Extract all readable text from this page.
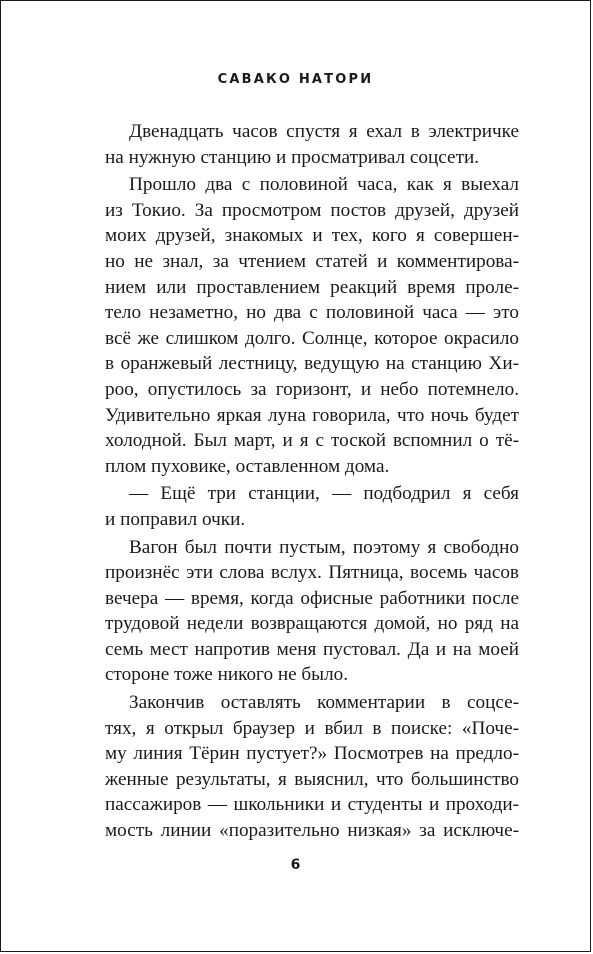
САВАКО НАТОРИ
Двенадцать часов спустя я ехал в электричке
на нужную станцию и просматривал соцсети.
Прошло два с половиной часа, как я выехал
из Токио. За просмотром постов друзей, друзей
моих друзей, знакомых и тех, кого я совершен-
но не знал, за чтением статей и комментирова-
нием или проставлением реакций время проле-
тело незаметно, но два с половиной часа — это
всё же слишком долго. Солнце, которое окрасило
в оранжевый лестницу, ведущую на станцию Хи-
роо, опустилось за горизонт, и небо потемнело.
Удивительно яркая луна говорила, что ночь будет
холодной. Был март, и я с тоской вспомнил о тё-
плом пуховике, оставленном дома.
— Ещё три станции, — подбодрил я себя
и поправил очки.
Вагон был почти пустым, поэтому я свободно
произнёс эти слова вслух. Пятница, восемь часов
вечера — время, когда офисные работники после
трудовой недели возвращаются домой, но ряд на
семь мест напротив меня пустовал. Да и на моей
стороне тоже никого не было.
Закончив оставлять комментарии в соцсе-
тях, я открыл браузер и вбил в поиске: «Поче-
му линия Тёрин пустует?» Посмотрев на предло-
женные результаты, я выяснил, что большинство
пассажиров — школьники и студенты и проходи-
мость линии «поразительно низкая» за исключе-
6
